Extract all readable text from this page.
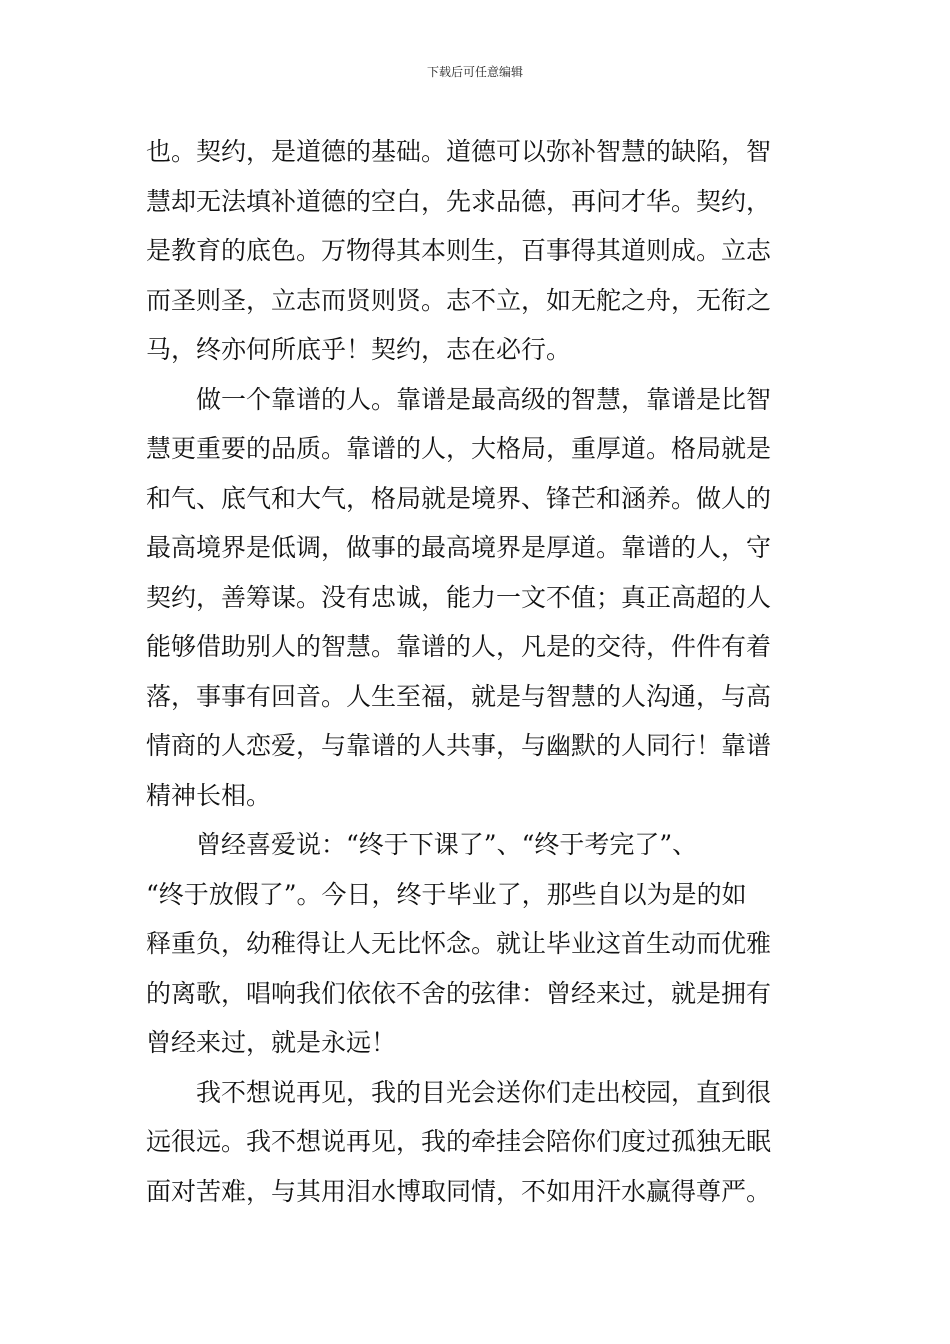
下载后可任意编辑
也。契约，是道德的基础。道德可以弥补智慧的缺陷，智
慧却无法填补道德的空白，先求品德，再问才华。契约，
是教育的底色。万物得其本则生，百事得其道则成。立志
而圣则圣，立志而贤则贤。志不立，如无舵之舟，无衔之
马，终亦何所底乎！契约，志在必行。
做一个靠谱的人。靠谱是最高级的智慧，靠谱是比智
慧更重要的品质。靠谱的人，大格局，重厚道。格局就是
和气、底气和大气，格局就是境界、锋芒和涵养。做人的
最高境界是低调，做事的最高境界是厚道。靠谱的人，守
契约，善筹谋。没有忠诚，能力一文不值；真正高超的人
能够借助别人的智慧。靠谱的人，凡是的交待，件件有着
落，事事有回音。人生至福，就是与智慧的人沟通，与高
情商的人恋爱，与靠谱的人共事，与幽默的人同行！靠谱
精神长相。
曾经喜爱说：“终于下课了”、“终于考完了”、
“终于放假了”。今日，终于毕业了，那些自以为是的如
释重负，幼稚得让人无比怀念。就让毕业这首生动而优雅
的离歌，唱响我们依依不舍的弦律：曾经来过，就是拥有
曾经来过，就是永远！
我不想说再见，我的目光会送你们走出校园，直到很
远很远。我不想说再见，我的牵挂会陪你们度过孤独无眠
面对苦难，与其用泪水博取同情，不如用汗水赢得尊严。
